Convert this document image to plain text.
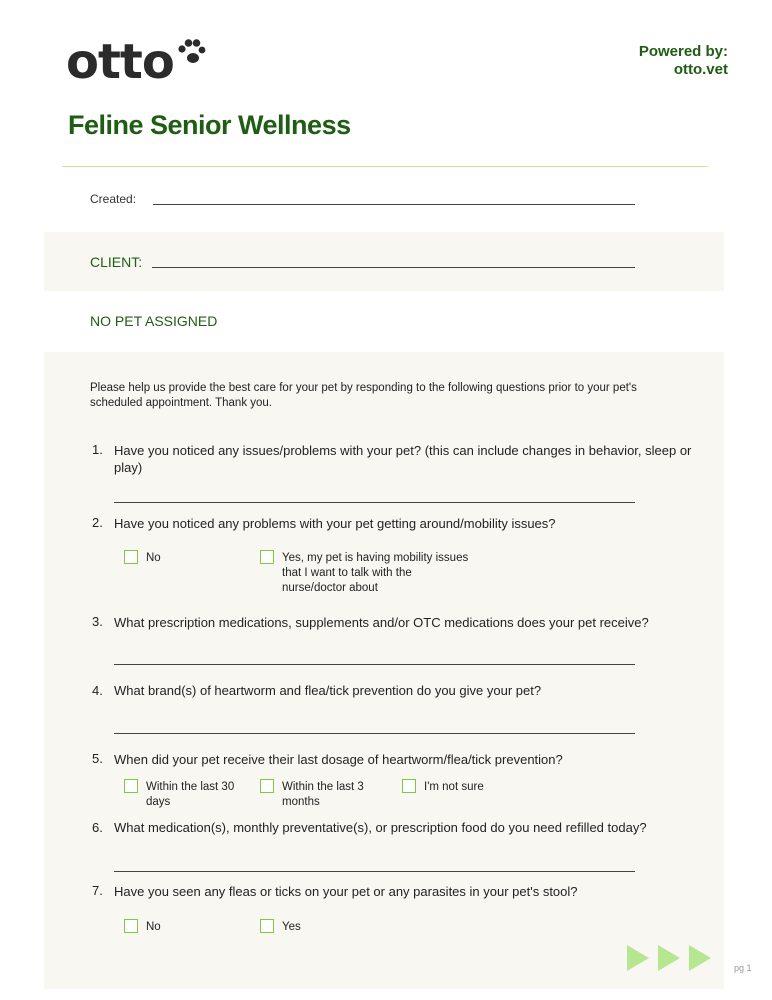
otto	Powered by:
otto.vet
Feline Senior Wellness
Created:
CLIENT:
NO PET ASSIGNED
Please help us provide the best care for your pet by responding to the following questions prior to your pet's scheduled appointment. Thank you.
1. Have you noticed any issues/problems with your pet? (this can include changes in behavior, sleep or play)
2. Have you noticed any problems with your pet getting around/mobility issues?
No	Yes, my pet is having mobility issues that I want to talk with the nurse/doctor about
3. What prescription medications, supplements and/or OTC medications does your pet receive?
4. What brand(s) of heartworm and flea/tick prevention do you give your pet?
5. When did your pet receive their last dosage of heartworm/flea/tick prevention?
Within the last 30 days
Within the last 3 months
I'm not sure
6. What medication(s), monthly preventative(s), or prescription food do you need refilled today?
7. Have you seen any fleas or ticks on your pet or any parasites in your pet's stool?
No	Yes
pg 1
